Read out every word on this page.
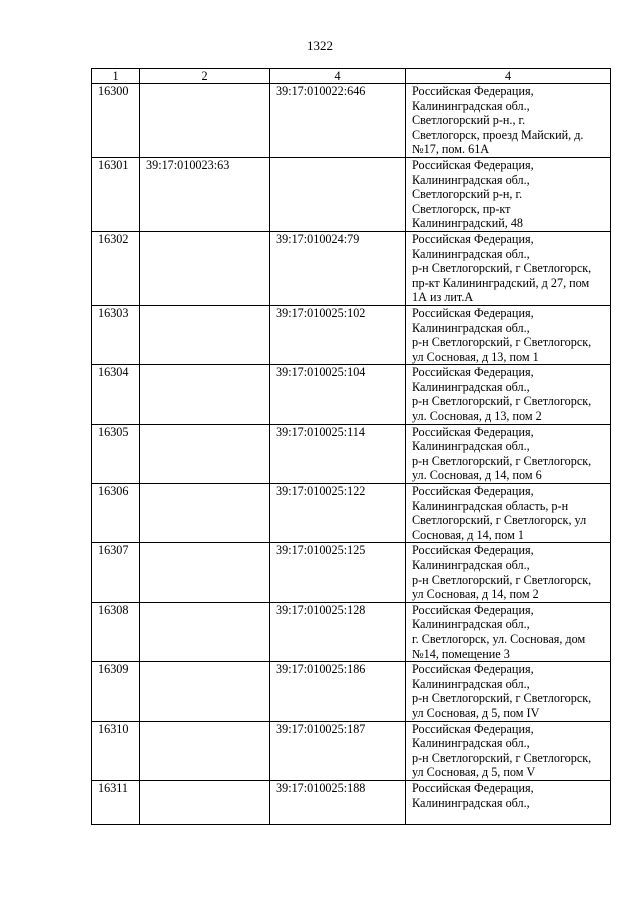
1322
1	2	4	4
16300		39:17:010022:646	Российская Федерация,
Калининградская обл.,
Светлогорский р-н., г.
Светлогорск, проезд Майский, д.
№17, пом. 61А

16301	39:17:010023:63		Российская Федерация,
Калининградская обл.,
Светлогорский р-н, г.
Светлогорск, пр-кт
Калининградский, 48

16302		39:17:010024:79	Российская Федерация,
Калининградская обл.,
р-н Светлогорский, г Светлогорск,
пр-кт Калининградский, д 27, пом
1А из лит.А

16303		39:17:010025:102	Российская Федерация,
Калининградская обл.,
р-н Светлогорский, г Светлогорск,
ул Сосновая, д 13, пом 1

16304		39:17:010025:104	Российская Федерация,
Калининградская обл.,
р-н Светлогорский, г Светлогорск,
ул. Сосновая, д 13, пом 2

16305		39:17:010025:114	Российская Федерация,
Калининградская обл.,
р-н Светлогорский, г Светлогорск,
ул. Сосновая, д 14, пом 6

16306		39:17:010025:122	Российская Федерация,
Калининградская область, р-н
Светлогорский, г Светлогорск, ул
Сосновая, д 14, пом 1

16307		39:17:010025:125	Российская Федерация,
Калининградская обл.,
р-н Светлогорский, г Светлогорск,
ул Сосновая, д 14, пом 2

16308		39:17:010025:128	Российская Федерация,
Калининградская обл.,
г. Светлогорск, ул. Сосновая, дом
№14, помещение 3

16309		39:17:010025:186	Российская Федерация,
Калининградская обл.,
р-н Светлогорский, г Светлогорск,
ул Сосновая, д 5, пом IV

16310		39:17:010025:187	Российская Федерация,
Калининградская обл.,
р-н Светлогорский, г Светлогорск,
ул Сосновая, д 5, пом V

16311		39:17:010025:188	Российская Федерация,
Калининградская обл.,
